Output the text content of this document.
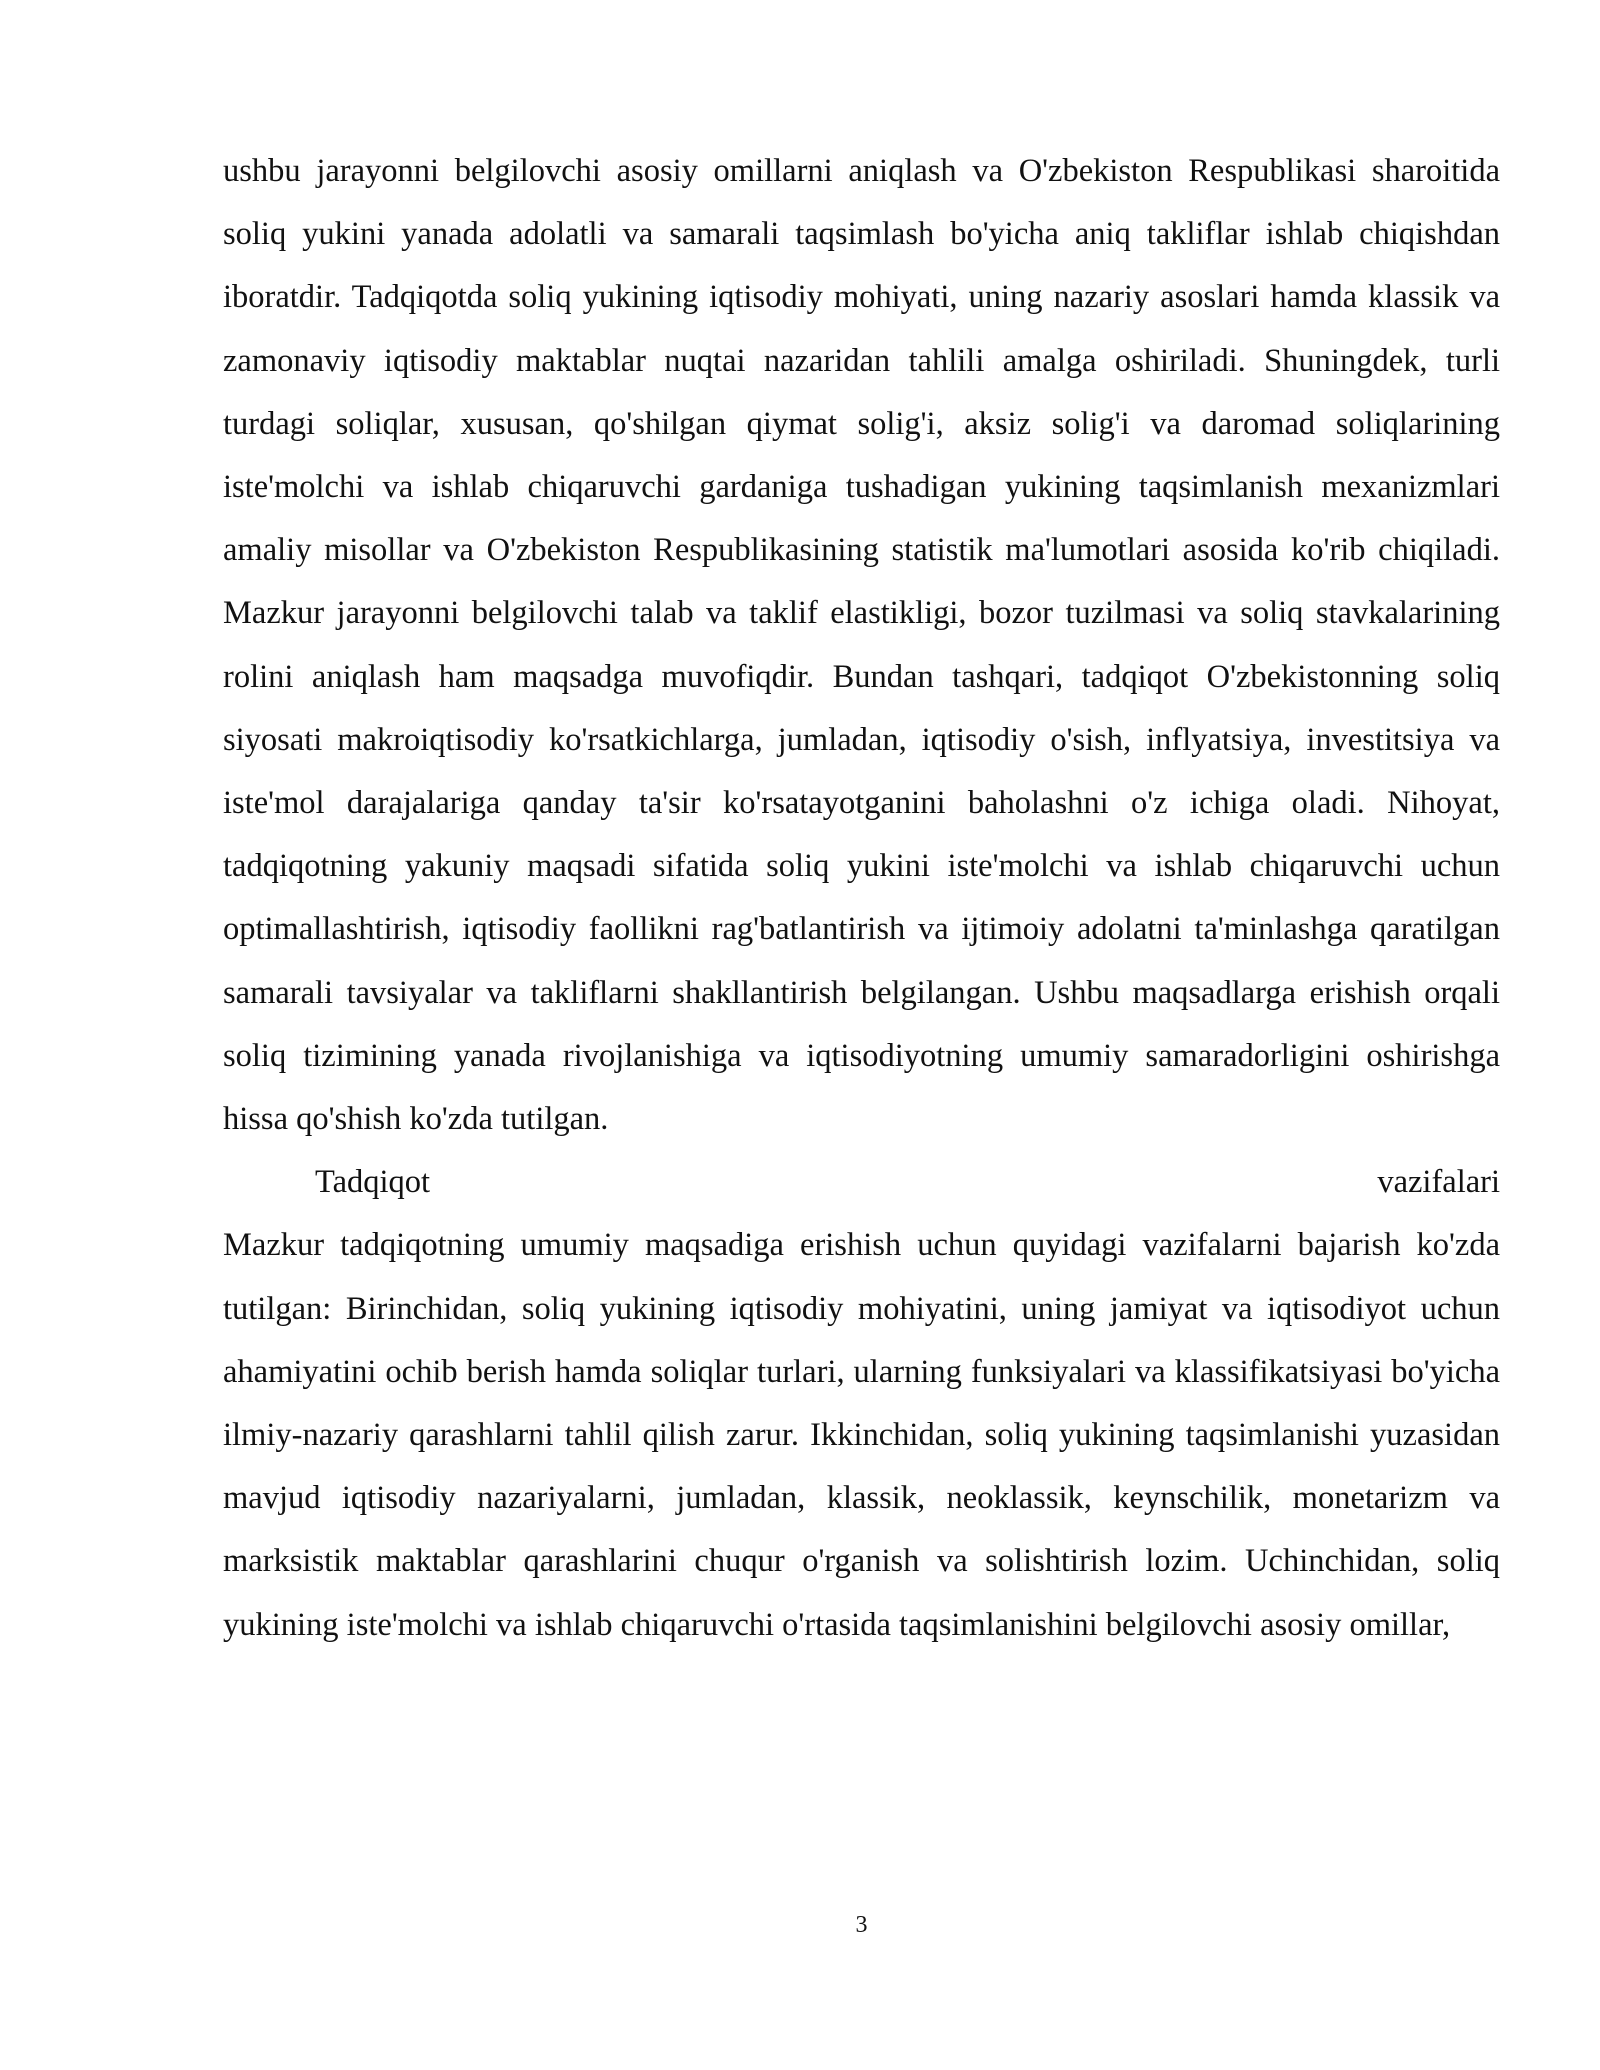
ushbu jarayonni belgilovchi asosiy omillarni aniqlash va O'zbekiston Respublikasi sharoitida soliq yukini yanada adolatli va samarali taqsimlash bo'yicha aniq takliflar ishlab chiqishdan iboratdir. Tadqiqotda soliq yukining iqtisodiy mohiyati, uning nazariy asoslari hamda klassik va zamonaviy iqtisodiy maktablar nuqtai nazaridan tahlili amalga oshiriladi. Shuningdek, turli turdagi soliqlar, xususan, qo'shilgan qiymat solig'i, aksiz solig'i va daromad soliqlarining iste'molchi va ishlab chiqaruvchi gardaniga tushadigan yukining taqsimlanish mexanizmlari amaliy misollar va O'zbekiston Respublikasining statistik ma'lumotlari asosida ko'rib chiqiladi. Mazkur jarayonni belgilovchi talab va taklif elastikligi, bozor tuzilmasi va soliq stavkalarining rolini aniqlash ham maqsadga muvofiqdir. Bundan tashqari, tadqiqot O'zbekistonning soliq siyosati makroiqtisodiy ko'rsatkichlarga, jumladan, iqtisodiy o'sish, inflyatsiya, investitsiya va iste'mol darajalariga qanday ta'sir ko'rsatayotganini baholashni o'z ichiga oladi. Nihoyat, tadqiqotning yakuniy maqsadi sifatida soliq yukini iste'molchi va ishlab chiqaruvchi uchun optimallashtirish, iqtisodiy faollikni rag'batlantirish va ijtimoiy adolatni ta'minlashga qaratilgan samarali tavsiyalar va takliflarni shakllantirish belgilangan. Ushbu maqsadlarga erishish orqali soliq tizimining yanada rivojlanishiga va iqtisodiyotning umumiy samaradorligini oshirishga hissa qo'shish ko'zda tutilgan.

Tadqiqot	vazifalari

Mazkur tadqiqotning umumiy maqsadiga erishish uchun quyidagi vazifalarni bajarish ko'zda tutilgan: Birinchidan, soliq yukining iqtisodiy mohiyatini, uning jamiyat va iqtisodiyot uchun ahamiyatini ochib berish hamda soliqlar turlari, ularning funksiyalari va klassifikatsiyasi bo'yicha ilmiy-nazariy qarashlarni tahlil qilish zarur. Ikkinchidan, soliq yukining taqsimlanishi yuzasidan mavjud iqtisodiy nazariyalarni, jumladan, klassik, neoklassik, keynschilik, monetarizm va marksistik maktablar qarashlarini chuqur o'rganish va solishtirish lozim. Uchinchidan, soliq yukining iste'molchi va ishlab chiqaruvchi o'rtasida taqsimlanishini belgilovchi asosiy omillar,

3
